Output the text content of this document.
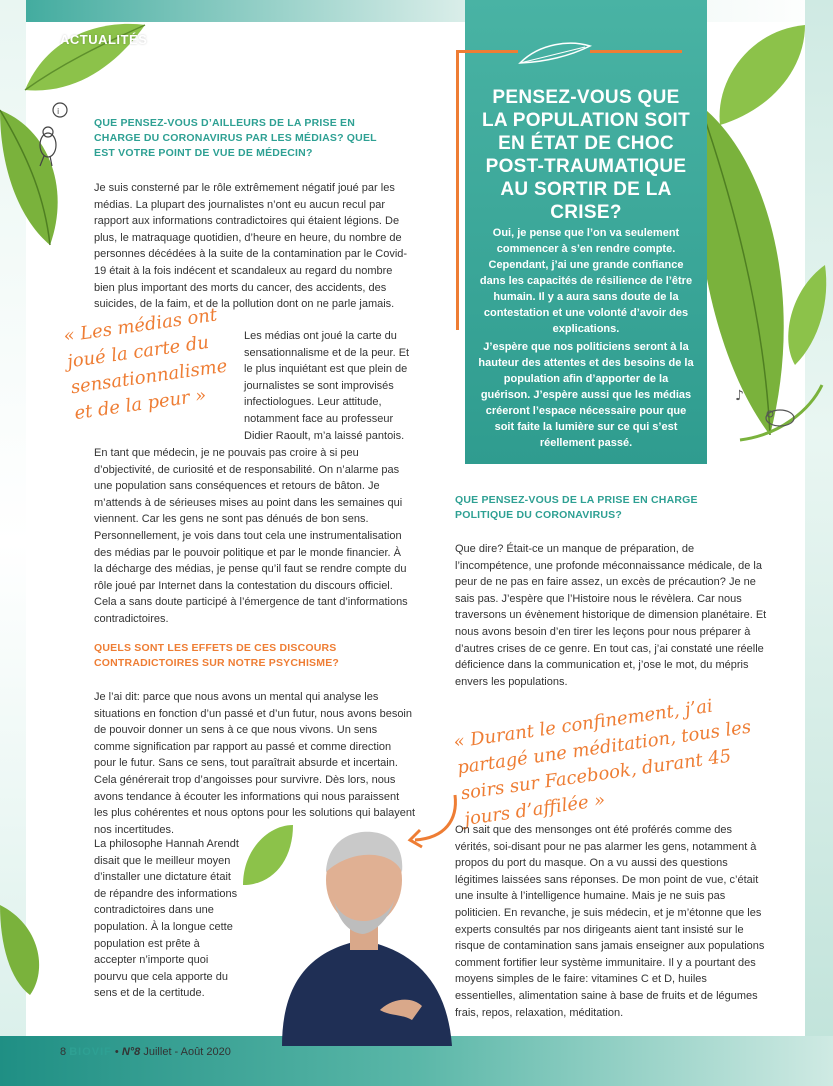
♪
i
ACTUALITÉS
QUE PENSEZ-VOUS D’AILLEURS DE LA PRISE EN CHARGE DU CORONAVIRUS PAR LES MÉDIAS? QUEL EST VOTRE POINT DE VUE DE MÉDECIN?

Je suis consterné par le rôle extrêmement négatif joué par les médias. La plupart des journalistes n’ont eu aucun recul par rapport aux informations contradictoires qui étaient légions. De plus, le matraquage quotidien, d’heure en heure, du nombre de personnes décédées à la suite de la contamination par le Covid-19 était à la fois indécent et scandaleux au regard du nombre bien plus important des morts du cancer, des accidents, des suicides, de la faim, et de la pollution dont on ne parle jamais.

« Les médias ont joué la carte du sensationnalisme et de la peur »

Les médias ont joué la carte du sensationnalisme et de la peur. Et le plus inquiétant est que plein de journalistes se sont improvisés infectiologues. Leur attitude, notamment face au professeur Didier Raoult, m’a laissé pantois.

En tant que médecin, je ne pouvais pas croire à si peu d’objectivité, de curiosité et de responsabilité. On n’alarme pas une population sans conséquences et retours de bâton. Je m’attends à de sérieuses mises au point dans les semaines qui viennent. Car les gens ne sont pas dénués de bon sens. Personnellement, je vois dans tout cela une instrumentalisation des médias par le pouvoir politique et par le monde financier. À la décharge des médias, je pense qu’il faut se rendre compte du rôle joué par Internet dans la contestation du discours officiel. Cela a sans doute participé à l’émergence de tant d’informations contradictoires.

QUELS SONT LES EFFETS DE CES DISCOURS CONTRADICTOIRES SUR NOTRE PSYCHISME?

Je l’ai dit: parce que nous avons un mental qui analyse les situations en fonction d’un passé et d’un futur, nous avons besoin de pouvoir donner un sens à ce que nous vivons. Un sens comme signification par rapport au passé et comme direction pour le futur. Sans ce sens, tout paraîtrait absurde et incertain. Cela générerait trop d’angoisses pour survivre. Dès lors, nous avons tendance à écouter les informations qui nous paraissent les plus cohérentes et nous optons pour les solutions qui balayent nos incertitudes.

La philosophe Hannah Arendt disait que le meilleur moyen d’installer une dictature était de répandre des informations contradictoires dans une population. À la longue cette population est prête à accepter n’importe quoi pourvu que cela apporte du sens et de la certitude.

PENSEZ-VOUS QUE LA POPULATION SOIT EN ÉTAT DE CHOC POST-TRAUMATIQUE AU SORTIR DE LA CRISE?

Oui, je pense que l’on va seulement commencer à s’en rendre compte. Cependant, j’ai une grande confiance dans les capacités de résilience de l’être humain. Il y a aura sans doute de la contestation et une volonté d’avoir des explications.

J’espère que nos politiciens seront à la hauteur des attentes et des besoins de la population afin d’apporter de la guérison. J’espère aussi que les médias créeront l’espace nécessaire pour que soit faite la lumière sur ce qui s’est réellement passé.

QUE PENSEZ-VOUS DE LA PRISE EN CHARGE POLITIQUE DU CORONAVIRUS?

Que dire? Était-ce un manque de préparation, de l’incompétence, une profonde méconnaissance médicale, de la peur de ne pas en faire assez, un excès de précaution? Je ne sais pas. J’espère que l’Histoire nous le révèlera. Car nous traversons un évènement historique de dimension planétaire. Et nous avons besoin d’en tirer les leçons pour nous préparer à d’autres crises de ce genre. En tout cas, j’ai constaté une réelle déficience dans la communication et, j’ose le mot, du mépris envers les populations.

« Durant le confinement, j’ai partagé une méditation, tous les soirs sur Facebook, durant 45 jours d’affilée »

On sait que des mensonges ont été proférés comme des vérités, soi-disant pour ne pas alarmer les gens, notamment à propos du port du masque. On a vu aussi des questions légitimes laissées sans réponses. De mon point de vue, c’était une insulte à l’intelligence humaine. Mais je ne suis pas politicien. En revanche, je suis médecin, et je m’étonne que les experts consultés par nos dirigeants aient tant insisté sur le risque de contamination sans jamais enseigner aux populations comment fortifier leur système immunitaire. Il y a pourtant des moyens simples de le faire: vitamines C et D, huiles essentielles, alimentation saine à base de fruits et de légumes frais, repos, relaxation, méditation.

8 BIOVIF • N°8 Juillet - Août 2020
